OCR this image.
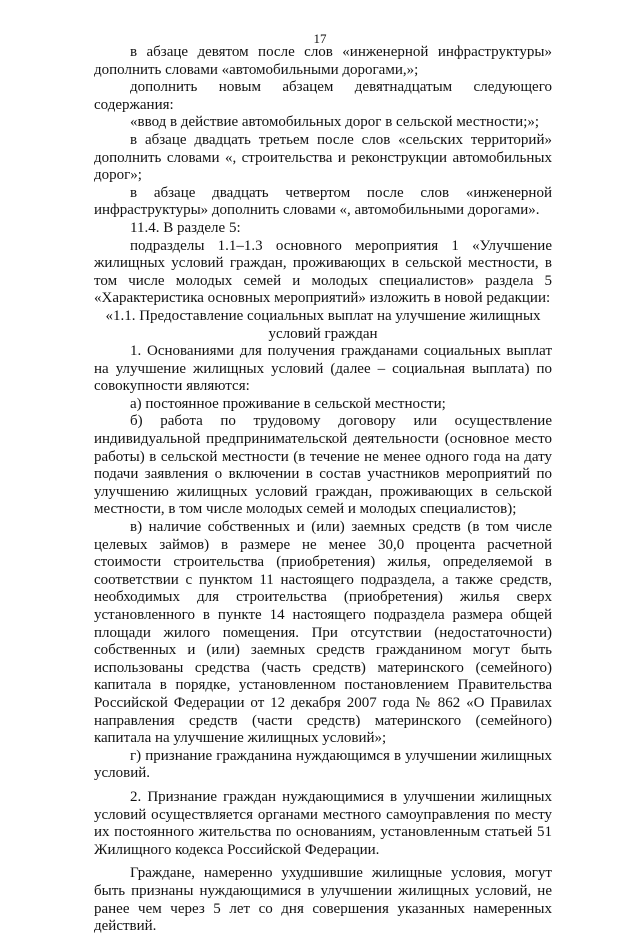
17

в абзаце девятом после слов «инженерной инфраструктуры» дополнить словами «автомобильными дорогами,»;

дополнить новым абзацем девятнадцатым следующего содержания:

«ввод в действие автомобильных дорог в сельской местности;»;

в абзаце двадцать третьем после слов «сельских территорий» дополнить словами «, строительства и реконструкции автомобильных дорог»;

в абзаце двадцать четвертом после слов «инженерной инфраструктуры» дополнить словами «, автомобильными дорогами».

11.4. В разделе 5:

подразделы 1.1–1.3 основного мероприятия 1 «Улучшение жилищных условий граждан, проживающих в сельской местности, в том числе молодых семей и молодых специалистов» раздела 5 «Характеристика основных мероприятий» изложить в новой редакции:

«1.1. Предоставление социальных выплат на улучшение жилищных условий граждан

1. Основаниями для получения гражданами социальных выплат на улучшение жилищных условий (далее – социальная выплата) по совокупности являются:

а) постоянное проживание в сельской местности;

б) работа по трудовому договору или осуществление индивидуальной предпринимательской деятельности (основное место работы) в сельской местности (в течение не менее одного года на дату подачи заявления о включении в состав участников мероприятий по улучшению жилищных условий граждан, проживающих в сельской местности, в том числе молодых семей и молодых специалистов);

в) наличие собственных и (или) заемных средств (в том числе целевых займов) в размере не менее 30,0 процента расчетной стоимости строительства (приобретения) жилья, определяемой в соответствии с пунктом 11 настоящего подраздела, а также средств, необходимых для строительства (приобретения) жилья сверх установленного в пункте 14 настоящего подраздела размера общей площади жилого помещения. При отсутствии (недостаточности) собственных и (или) заемных средств гражданином могут быть использованы средства (часть средств) материнского (семейного) капитала в порядке, установленном постановлением Правительства Российской Федерации от 12 декабря 2007 года № 862 «О Правилах направления средств (части средств) материнского (семейного) капитала на улучшение жилищных условий»;

г) признание гражданина нуждающимся в улучшении жилищных условий.

2. Признание граждан нуждающимися в улучшении жилищных условий осуществляется органами местного самоуправления по месту их постоянного жительства по основаниям, установленным статьей 51 Жилищного кодекса Российской Федерации.

Граждане, намеренно ухудшившие жилищные условия, могут быть признаны нуждающимися в улучшении жилищных условий, не ранее чем через 5 лет со дня совершения указанных намеренных действий.
